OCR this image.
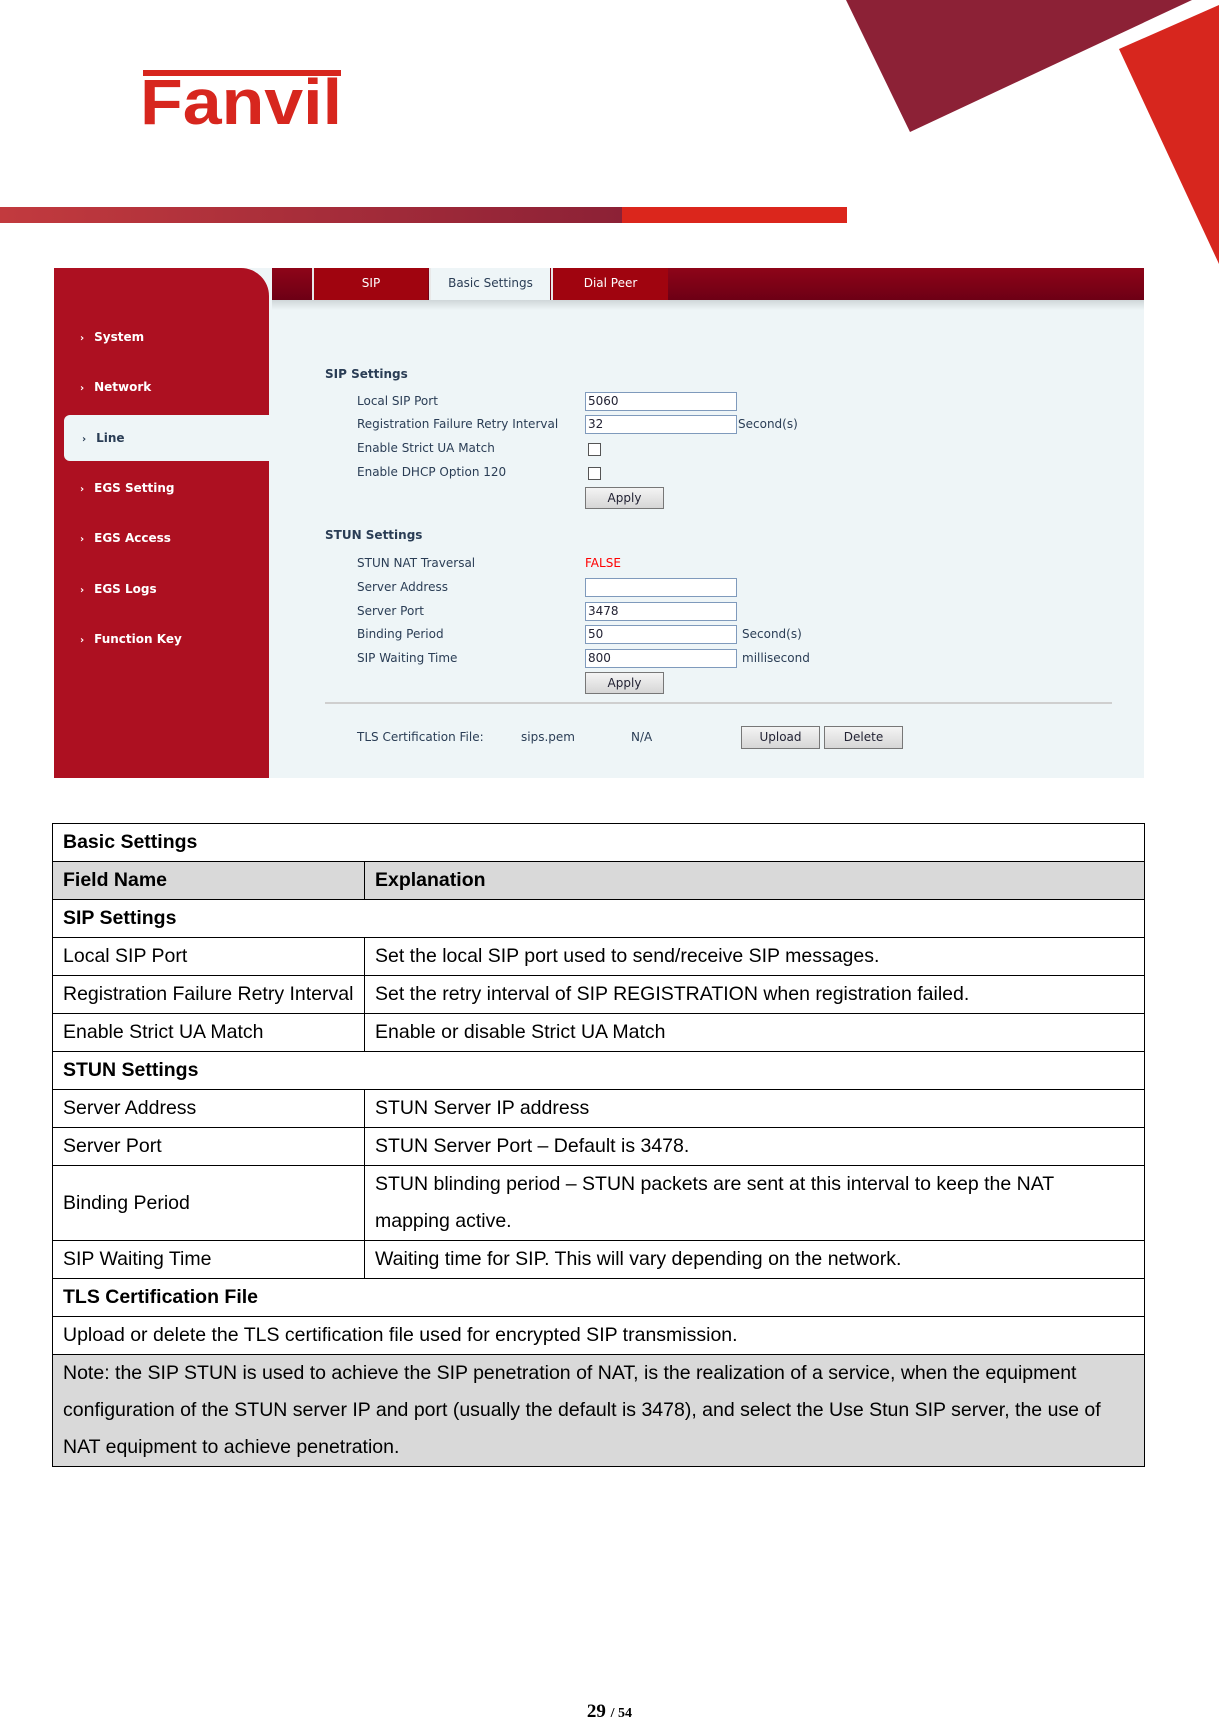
Fanvil
› System
› Network
› Line
› EGS Setting
› EGS Access
› EGS Logs
› Function Key
SIP	Basic Settings	Dial Peer
SIP Settings
Local SIP Port	5060
Registration Failure Retry Interval 32	Second(s)
Enable Strict UA Match
Enable DHCP Option 120
Apply
STUN Settings
STUN NAT Traversal	FALSE
Server Address
Server Port	3478
Binding Period	50	Second(s)
SIP Waiting Time	800	millisecond
Apply
TLS Certification File:	sips.pem	N/A	Upload	Delete
Basic Settings	
Field Name	Explanation
SIP Settings	
Local SIP Port	Set the local SIP port used to send/receive SIP messages.
Registration Failure Retry Interval	Set the retry interval of SIP REGISTRATION when registration failed.
Enable Strict UA Match	Enable or disable Strict UA Match
STUN Settings	
Server Address	STUN Server IP address
Server Port	STUN Server Port – Default is 3478.
Binding Period	STUN blinding period – STUN packets are sent at this interval to keep the NAT mapping active.
SIP Waiting Time	Waiting time for SIP. This will vary depending on the network.
TLS Certification File	
Upload or delete the TLS certification file used for encrypted SIP transmission.	
Note: the SIP STUN is used to achieve the SIP penetration of NAT, is the realization of a service, when the equipment configuration of the STUN server IP and port (usually the default is 3478), and select the Use Stun SIP server, the use of NAT equipment to achieve penetration.	
29 / 54
